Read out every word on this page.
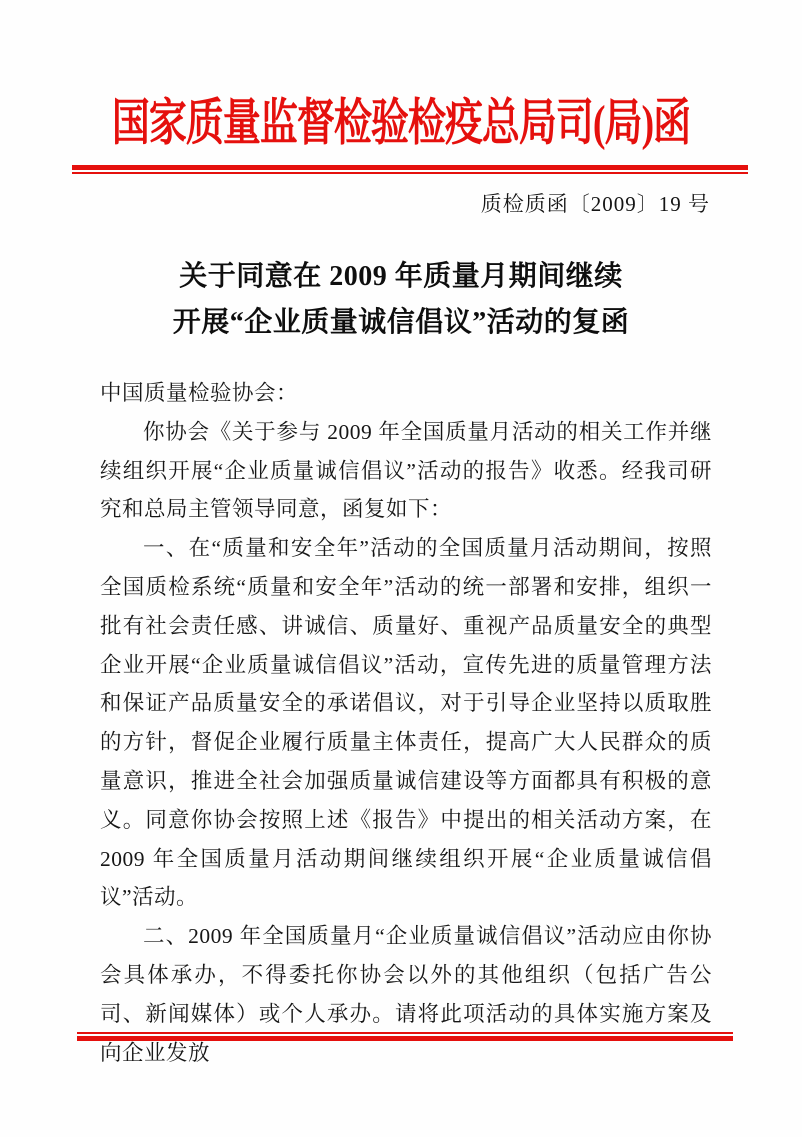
国家质量监督检验检疫总局司(局)函
质检质函〔2009〕19 号
关于同意在 2009 年质量月期间继续
开展“企业质量诚信倡议”活动的复函

中国质量检验协会：

你协会《关于参与 2009 年全国质量月活动的相关工作并继续组织开展“企业质量诚信倡议”活动的报告》收悉。经我司研究和总局主管领导同意，函复如下：

一、在“质量和安全年”活动的全国质量月活动期间，按照全国质检系统“质量和安全年”活动的统一部署和安排，组织一批有社会责任感、讲诚信、质量好、重视产品质量安全的典型企业开展“企业质量诚信倡议”活动，宣传先进的质量管理方法和保证产品质量安全的承诺倡议，对于引导企业坚持以质取胜的方针，督促企业履行质量主体责任，提高广大人民群众的质量意识，推进全社会加强质量诚信建设等方面都具有积极的意义。同意你协会按照上述《报告》中提出的相关活动方案，在 2009 年全国质量月活动期间继续组织开展“企业质量诚信倡议”活动。

二、2009 年全国质量月“企业质量诚信倡议”活动应由你协会具体承办，不得委托你协会以外的其他组织（包括广告公司、新闻媒体）或个人承办。请将此项活动的具体实施方案及向企业发放
